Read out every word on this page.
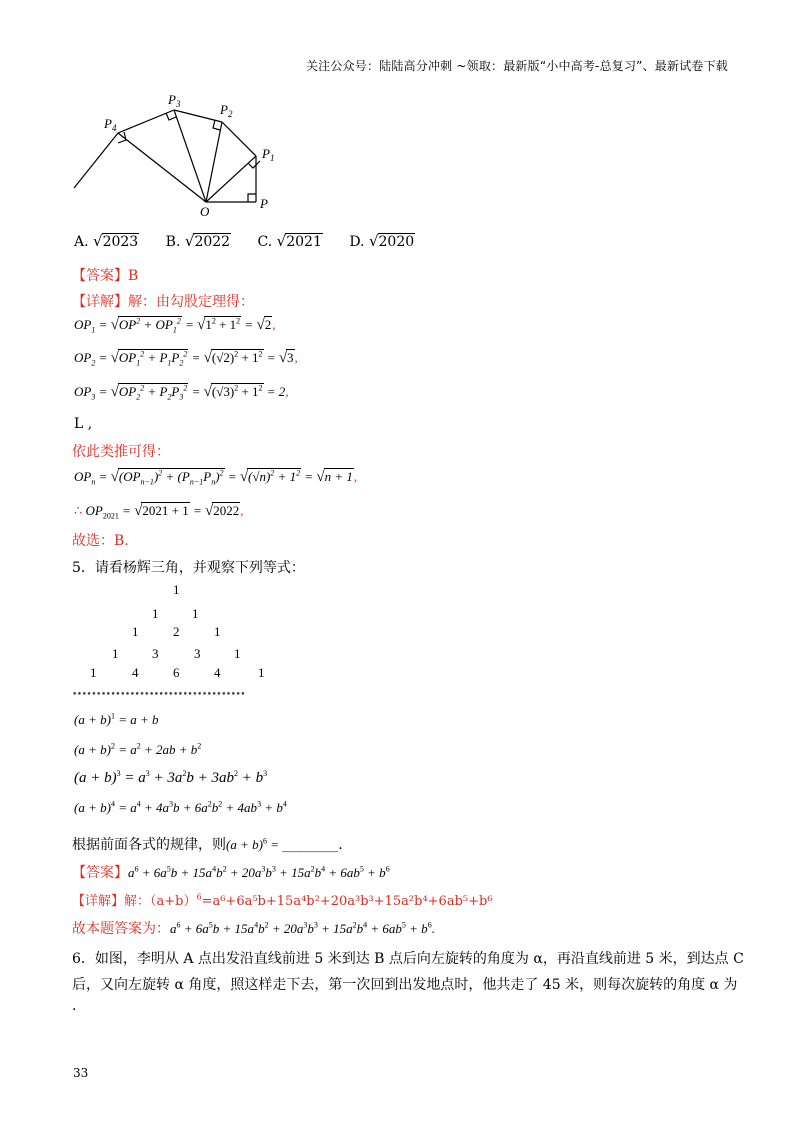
关注公众号：陆陆高分冲刺 ~领取：最新版“小中高考-总复习”、最新试卷下载
$P_4$
$P_3$	$P_2$
$P_1$
O
P
A. √2023 B. √2022 C. √2021 D. √2020
【答案】B
【详解】解：由勾股定理得：
$OP_1 = √OP^2 + OP_1^2 = √1^2 + 1^2 = √2$,
$OP_2 = √OP_1^2 + P_1P_2^2 = √(√2)^2 + 1^2 = √3$,
$OP_3 = √OP_2^2 + P_2P_3^2 = √(√3)^2 + 1^2 = 2$,
L ,
依此类推可得：
$OP_n = √(OP_{n-1})^2 + (P_{n-1}P_n)^2 = √(√n)^2 + 1^2 = √n + 1$,
∴ $OP_{2021} = √2021 + 1 = √2022$,
故选：B.
5．请看杨辉三角，并观察下列等式：
1
1	1
1	2	1
1	3	3	1
1	4	6	4	1
••••••••••••••••••••••••••••••••••••
$(a + b)^1 = a + b$
$(a + b)^2 = a^2 + 2ab + b^2$
$(a + b)^3 = a^3 + 3a^2b + 3ab^2 + b^3$
$(a + b)^4 = a^4 + 4a^3b + 6a^2b^2 + 4ab^3 + b^4$
根据前面各式的规律，则$(a + b)^6$ = ________.
【答案】$a^6 + 6a^5b + 15a^4b^2 + 20a^3b^3 + 15a^2b^4 + 6ab^5 + b^6$
【详解】解：$(a+b)^6=a^6+6a^5b+15a^4b^2+20a^3b^3+15a^2b^4+6ab^5+b^6$
故本题答案为：$a^6 + 6a^5b + 15a^4b^2 + 20a^3b^3 + 15a^2b^4 + 6ab^5 + b^6$.
6．如图，李明从 A 点出发沿直线前进 5 米到达 B 点后向左旋转的角度为 α，再沿直线前进 5 米，到达点 C
后，又向左旋转 α 角度，照这样走下去，第一次回到出发地点时，他共走了 45 米，则每次旋转的角度 α 为
.
33
